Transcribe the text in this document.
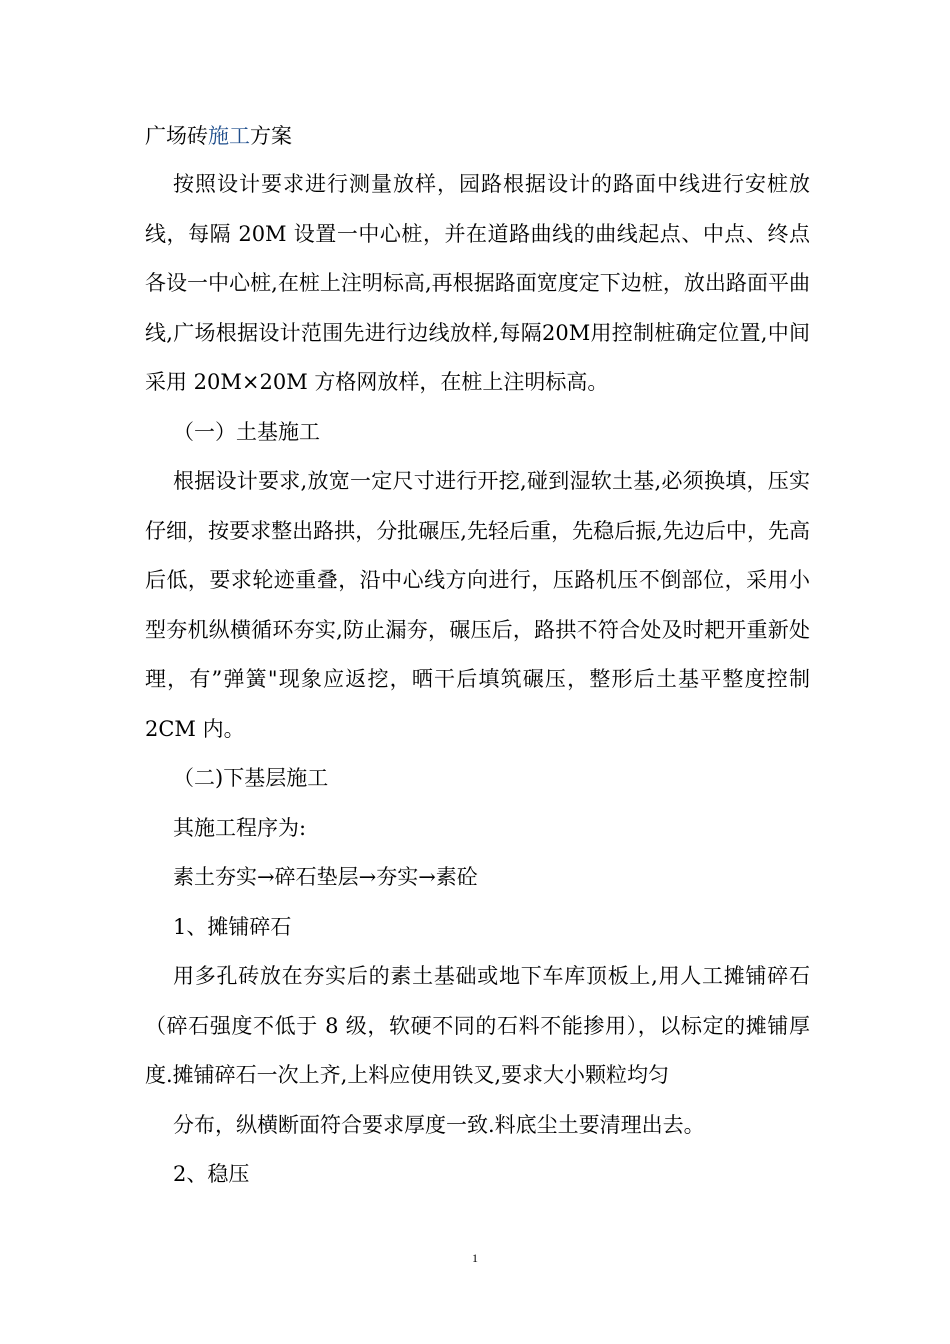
广场砖施工方案

按照设计要求进行测量放样，园路根据设计的路面中线进行安桩放线，每隔 20M 设置一中心桩，并在道路曲线的曲线起点、中点、终点各设一中心桩,在桩上注明标高,再根据路面宽度定下边桩，放出路面平曲线,广场根据设计范围先进行边线放样,每隔20M用控制桩确定位置,中间采用 20M×20M 方格网放样，在桩上注明标高。

（一）土基施工

根据设计要求,放宽一定尺寸进行开挖,碰到湿软土基,必须换填，压实仔细，按要求整出路拱，分批碾压,先轻后重，先稳后振,先边后中，先高后低，要求轮迹重叠，沿中心线方向进行，压路机压不倒部位，采用小型夯机纵横循环夯实,防止漏夯，碾压后，路拱不符合处及时耙开重新处理，有”弹簧"现象应返挖，晒干后填筑碾压，整形后土基平整度控制 2CM 内。

（二)下基层施工
其施工程序为:
素土夯实→碎石垫层→夯实→素砼
1、摊铺碎石

用多孔砖放在夯实后的素土基础或地下车库顶板上,用人工摊铺碎石（碎石强度不低于 8 级，软硬不同的石料不能掺用），以标定的摊铺厚度.摊铺碎石一次上齐,上料应使用铁叉,要求大小颗粒均匀

分布，纵横断面符合要求厚度一致.料底尘土要清理出去。
2、稳压
1
